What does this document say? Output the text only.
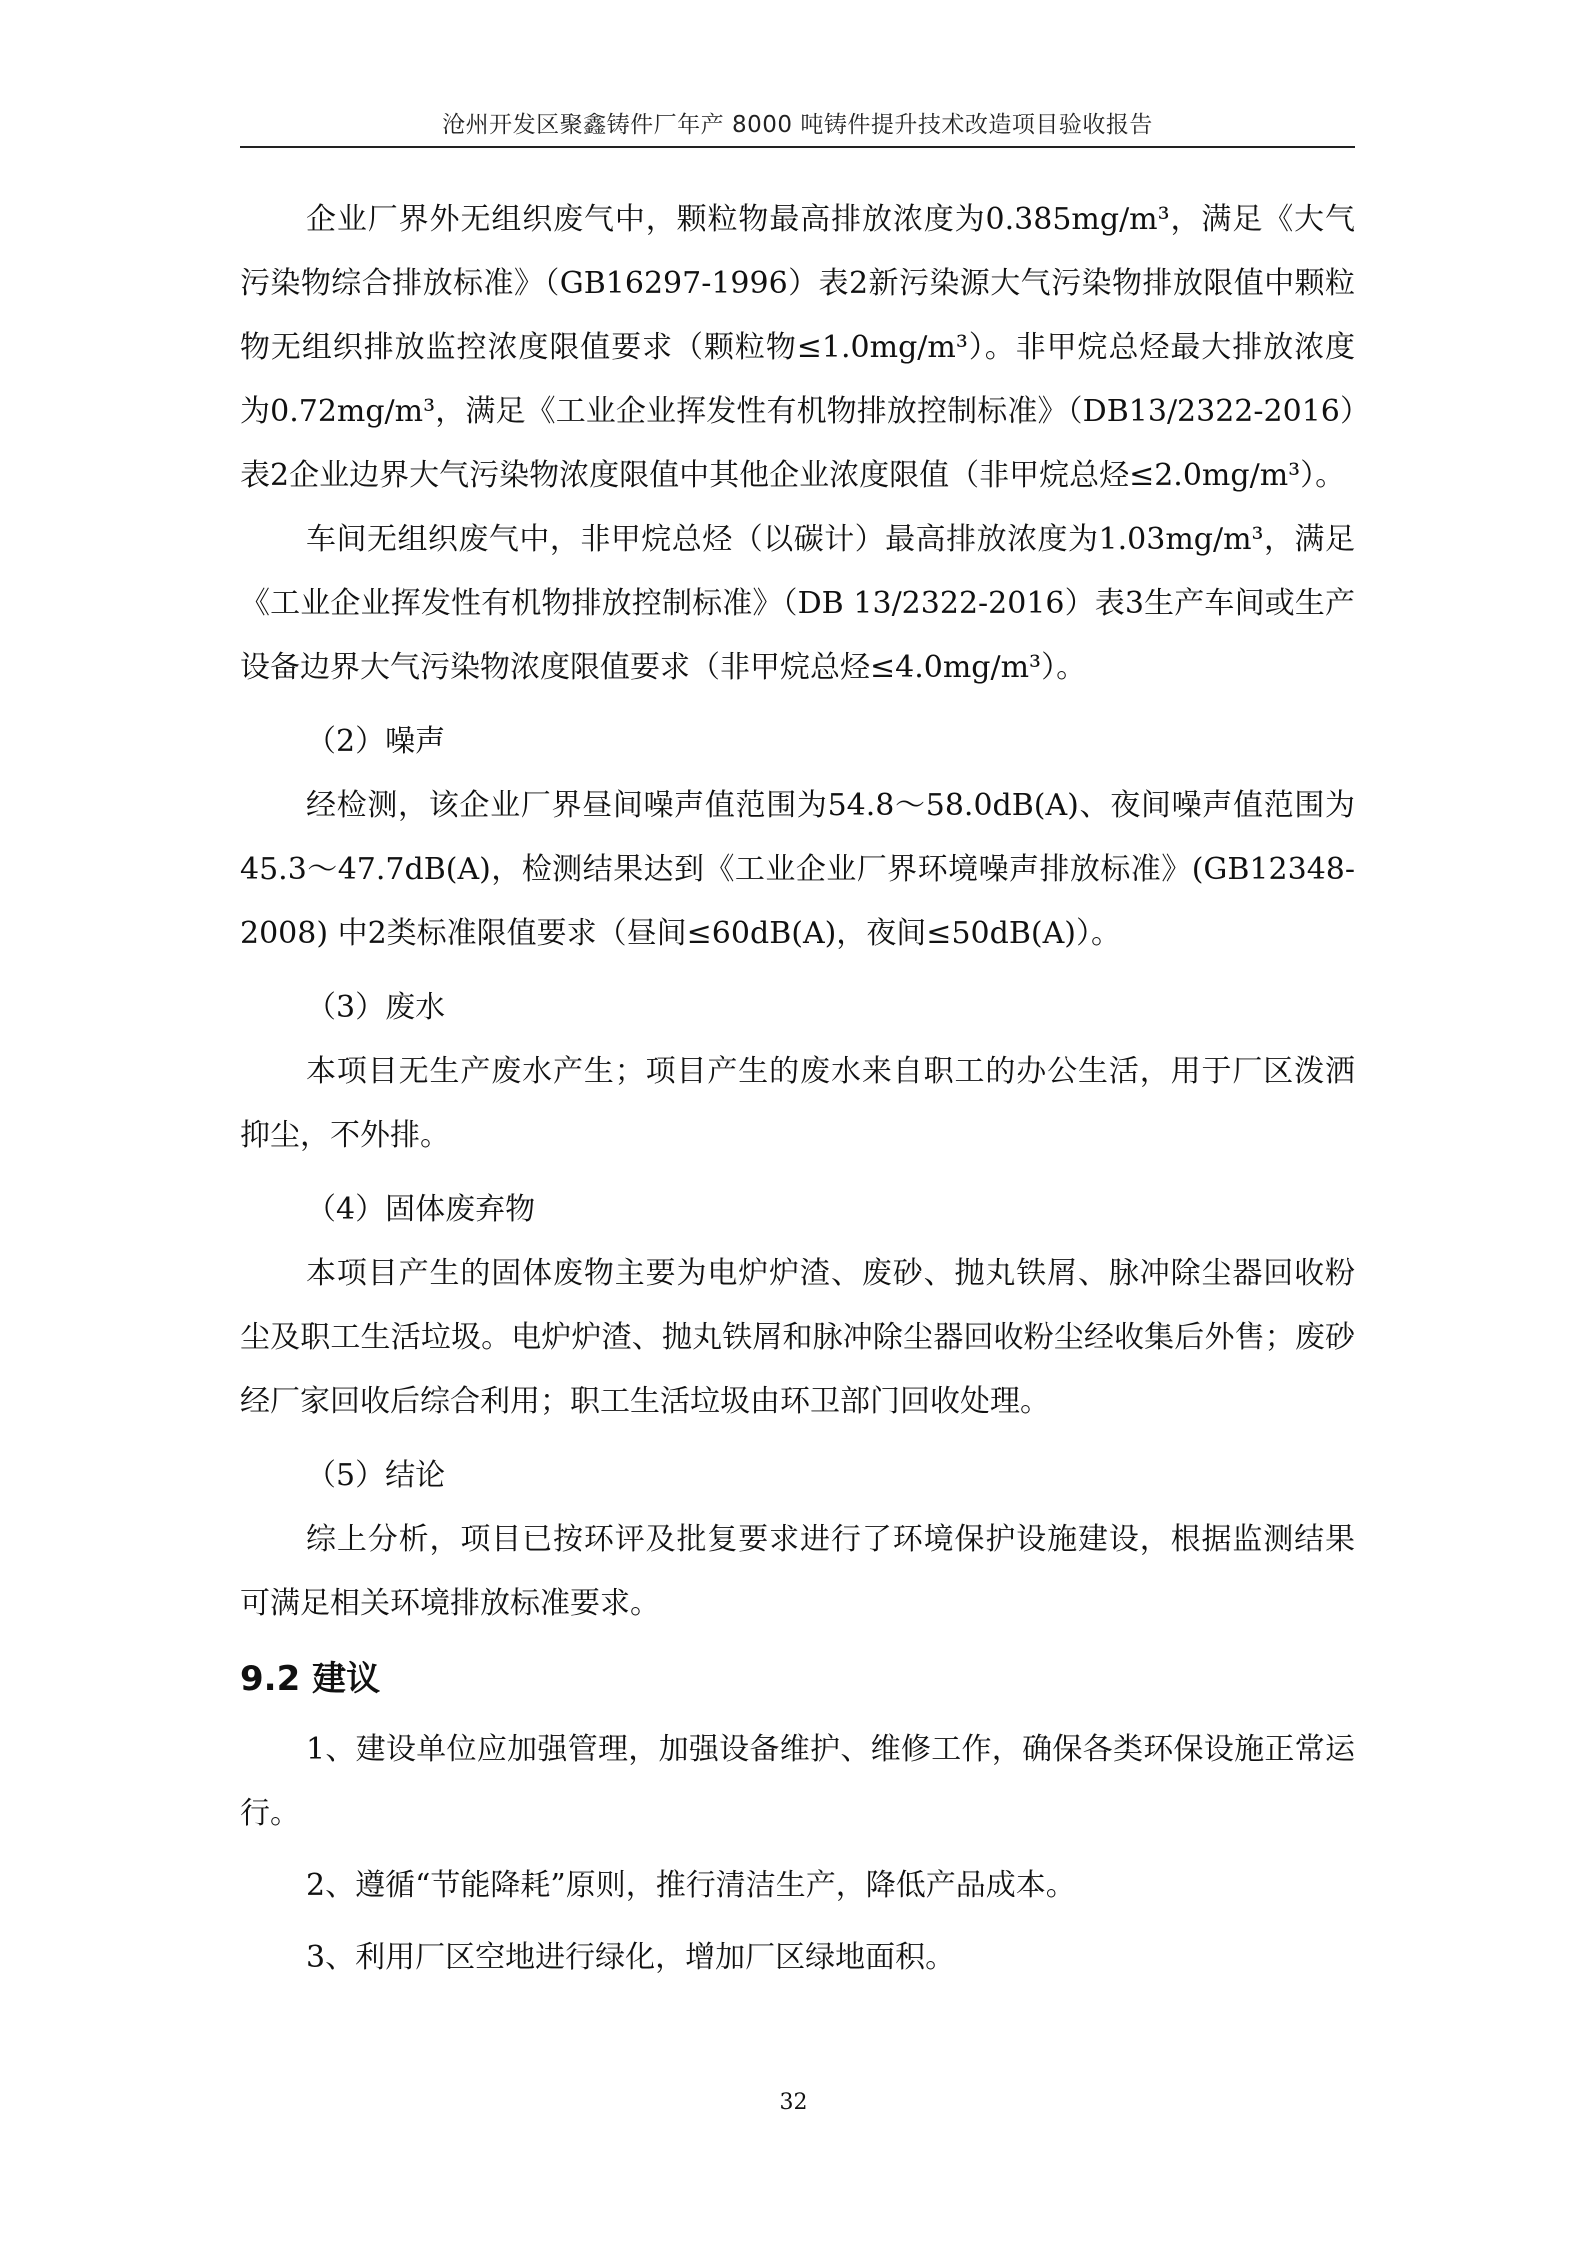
沧州开发区聚鑫铸件厂年产 8000 吨铸件提升技术改造项目验收报告

企业厂界外无组织废气中，颗粒物最高排放浓度为0.385mg/m³，满足《大气污染物综合排放标准》（GB16297-1996）表2新污染源大气污染物排放限值中颗粒物无组织排放监控浓度限值要求（颗粒物≤1.0mg/m³）。非甲烷总烃最大排放浓度为0.72mg/m³，满足《工业企业挥发性有机物排放控制标准》（DB13/2322-2016）表2企业边界大气污染物浓度限值中其他企业浓度限值（非甲烷总烃≤2.0mg/m³）。

车间无组织废气中，非甲烷总烃（以碳计）最高排放浓度为1.03mg/m³，满足《工业企业挥发性有机物排放控制标准》（DB 13/2322-2016）表3生产车间或生产设备边界大气污染物浓度限值要求（非甲烷总烃≤4.0mg/m³）。

（2）噪声

经检测，该企业厂界昼间噪声值范围为54.8～58.0dB(A)、夜间噪声值范围为45.3～47.7dB(A)，检测结果达到《工业企业厂界环境噪声排放标准》(GB12348-2008) 中2类标准限值要求（昼间≤60dB(A)，夜间≤50dB(A)）。

（3）废水

本项目无生产废水产生；项目产生的废水来自职工的办公生活，用于厂区泼洒抑尘，不外排。

（4）固体废弃物

本项目产生的固体废物主要为电炉炉渣、废砂、抛丸铁屑、脉冲除尘器回收粉尘及职工生活垃圾。电炉炉渣、抛丸铁屑和脉冲除尘器回收粉尘经收集后外售；废砂经厂家回收后综合利用；职工生活垃圾由环卫部门回收处理。

（5）结论

综上分析，项目已按环评及批复要求进行了环境保护设施建设，根据监测结果可满足相关环境排放标准要求。

9.2 建议

1、建设单位应加强管理，加强设备维护、维修工作，确保各类环保设施正常运行。

2、遵循“节能降耗”原则，推行清洁生产，降低产品成本。

3、利用厂区空地进行绿化，增加厂区绿地面积。

32
